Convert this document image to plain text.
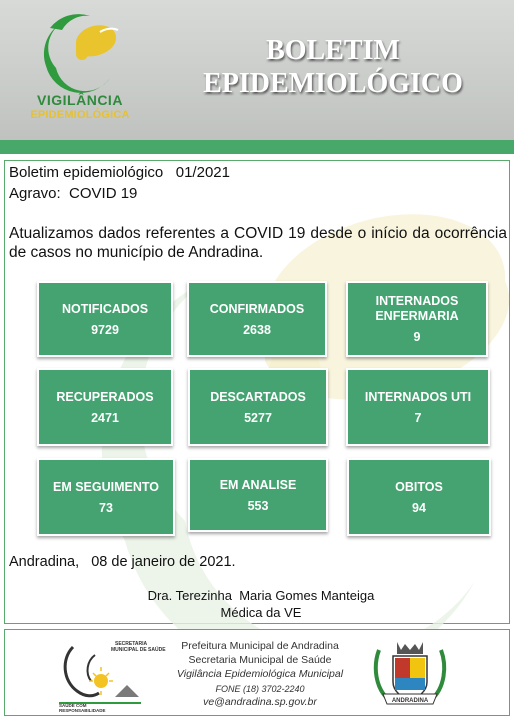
VIGILÂNCIA
EPIDEMIOLÓGICA
BOLETIM
EPIDEMIOLÓGICO
Boletim epidemiológico   01/2021
Agravo:  COVID 19
Atualizamos dados referentes a COVID 19 desde o início da ocorrência de casos no município de Andradina.
NOTIFICADOS
9729
CONFIRMADOS
2638
INTERNADOS
ENFERMARIA
9
RECUPERADOS
2471
DESCARTADOS
5277
INTERNADOS UTI
7
EM SEGUIMENTO
73
EM ANALISE
553
OBITOS
94
Andradina,   08 de janeiro de 2021.
Dra. Terezinha  Maria Gomes Manteiga
Médica da VE
SECRETARIA MUNICIPAL DE SAÚDE
SAÚDE COM RESPONSABILIDADE
Prefeitura Municipal de Andradina
Secretaria Municipal de Saúde
Vigilância Epidemiológica Municipal
FONE (18) 3702-2240
ve@andradina.sp.gov.br	ANDRADINA
